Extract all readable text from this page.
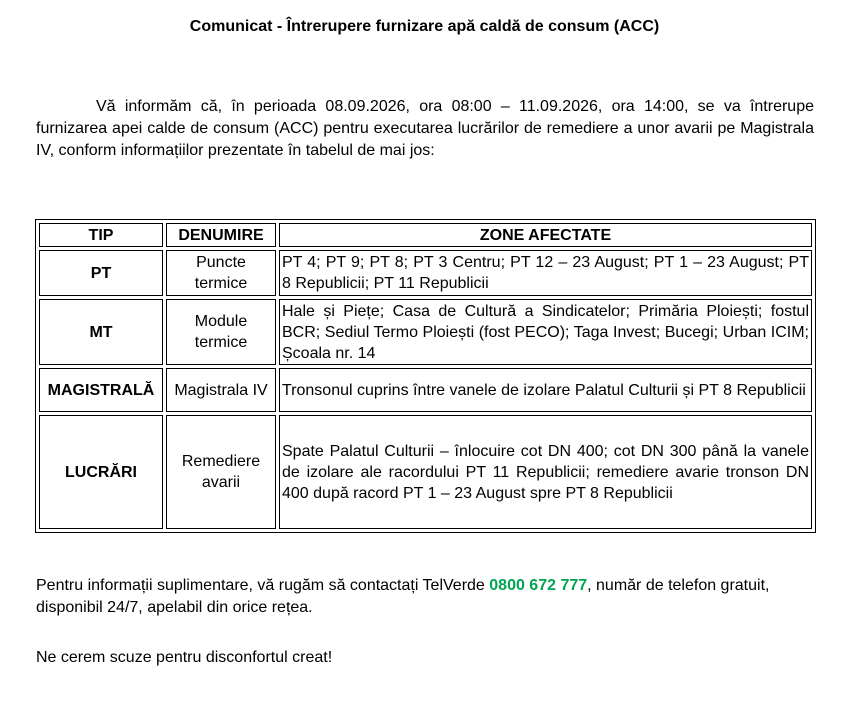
Comunicat - Întrerupere furnizare apă caldă de consum (ACC)

Vă informăm că, în perioada 08.09.2026, ora 08:00 – 11.09.2026, ora 14:00, se va întrerupe furnizarea apei calde de consum (ACC) pentru executarea lucrărilor de remediere a unor avarii pe Magistrala IV, conform informațiilor prezentate în tabelul de mai jos:

TIP	DENUMIRE	ZONE AFECTATE
PT	Puncte termice	PT 4; PT 9; PT 8; PT 3 Centru; PT 12 – 23 August; PT 1 – 23 August; PT 8 Republicii; PT 11 Republicii
MT	Module termice	Hale și Piețe; Casa de Cultură a Sindicatelor; Primăria Ploiești; fostul BCR; Sediul Termo Ploiești (fost PECO); Taga Invest; Bucegi; Urban ICIM; Școala nr. 14
MAGISTRALĂ	Magistrala IV	Tronsonul cuprins între vanele de izolare Palatul Culturii și PT 8 Republicii
LUCRĂRI	Remediere avarii	Spate Palatul Culturii – înlocuire cot DN 400; cot DN 300 până la vanele de izolare ale racordului PT 11 Republicii; remediere avarie tronson DN 400 după racord PT 1 – 23 August spre PT 8 Republicii

Pentru informații suplimentare, vă rugăm să contactați TelVerde 0800 672 777, număr de telefon gratuit, disponibil 24/7, apelabil din orice rețea.

Ne cerem scuze pentru disconfortul creat!
